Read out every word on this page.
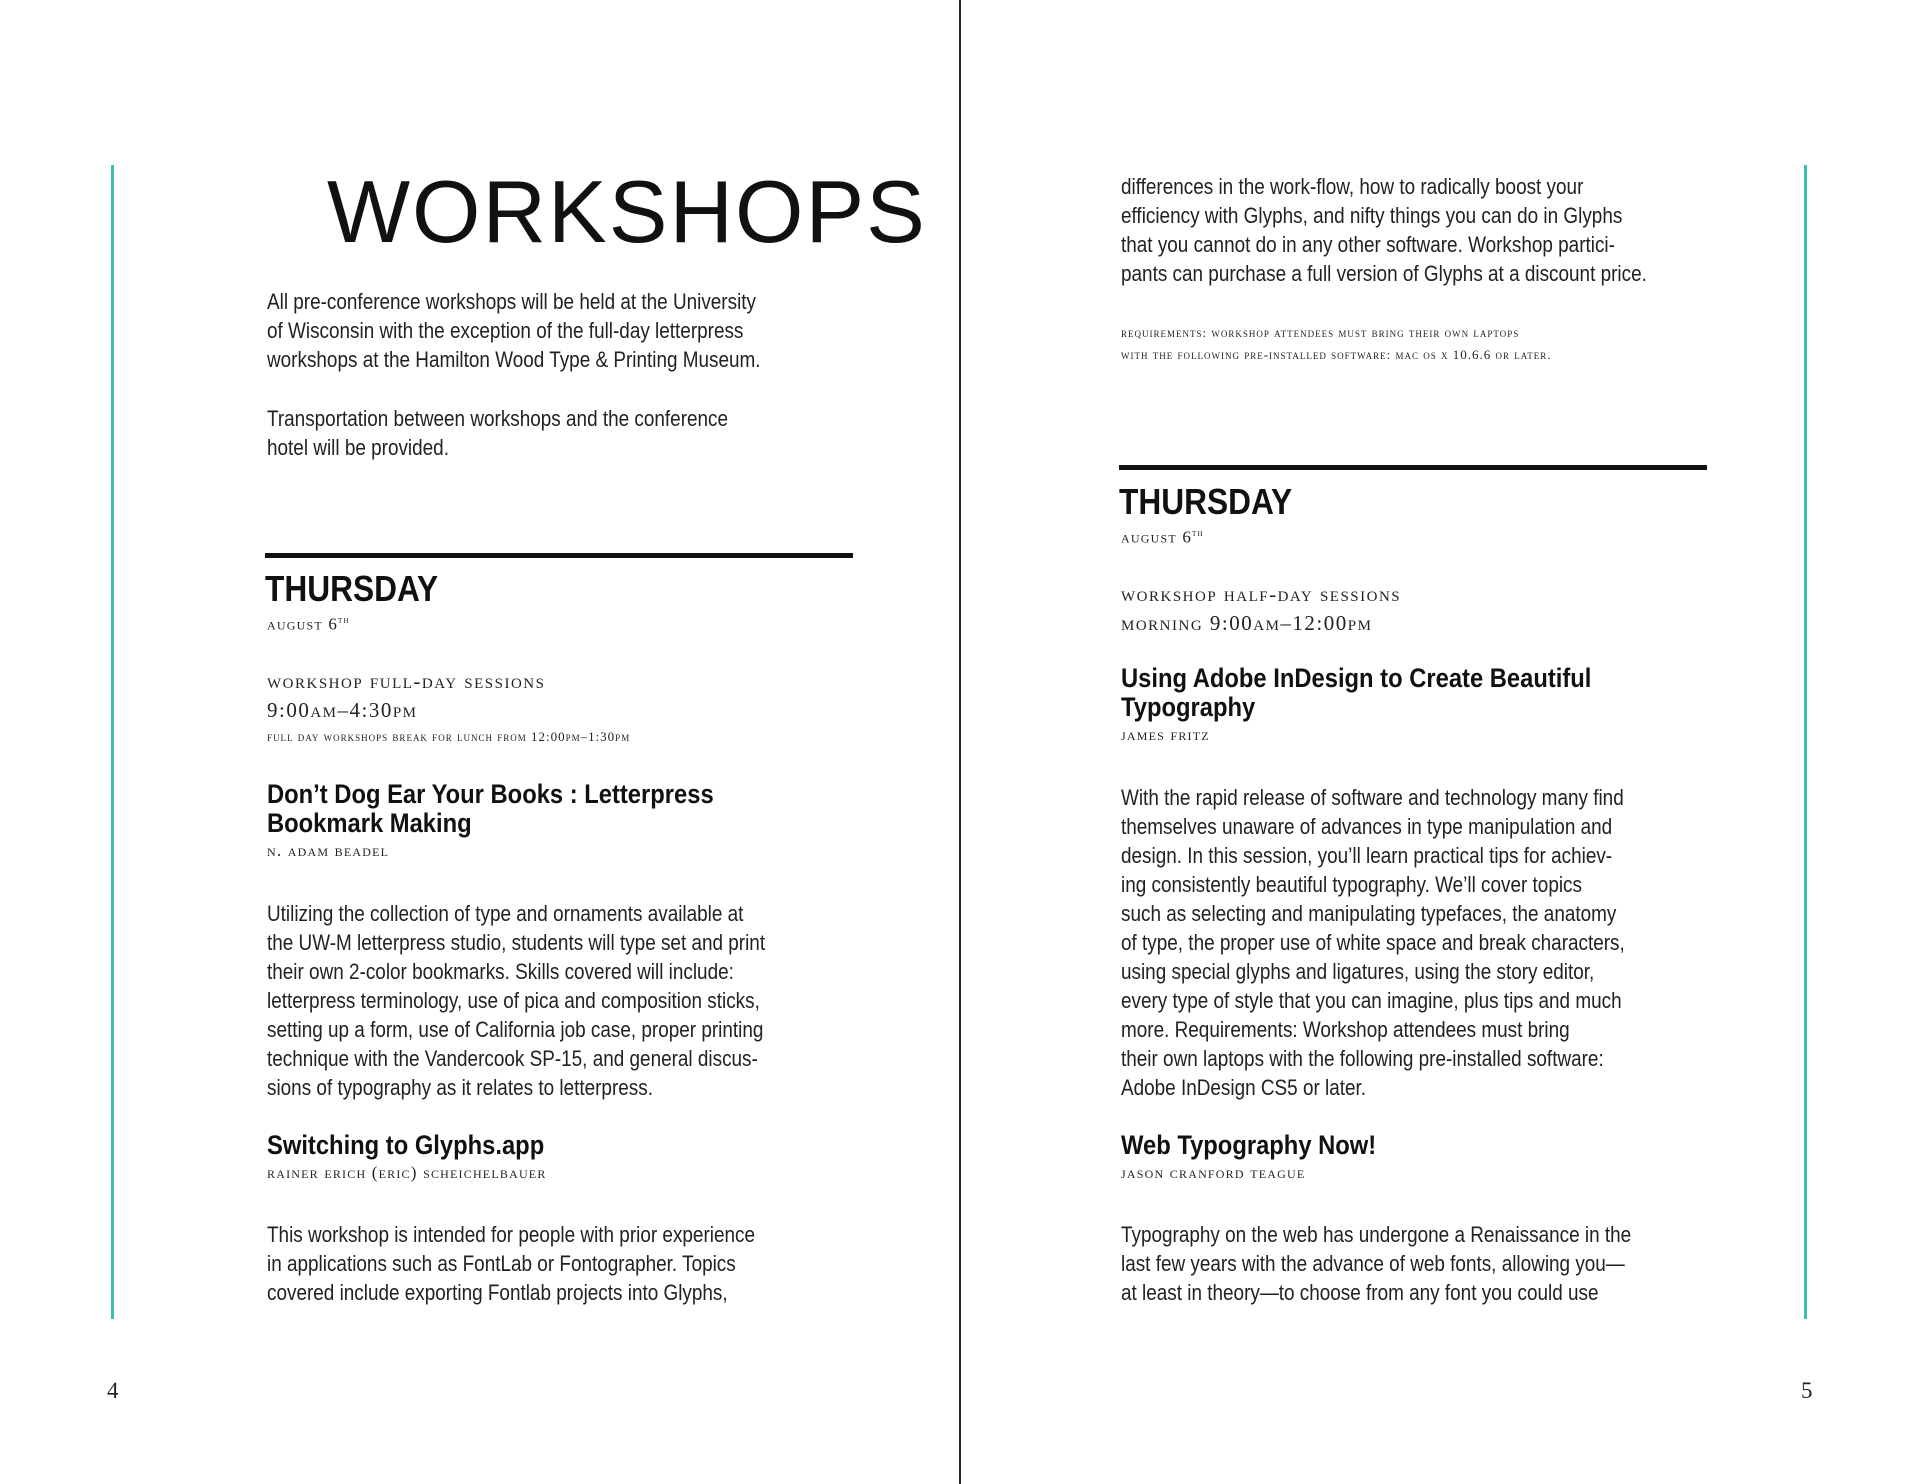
4
WORKSHOPS
All pre-conference workshops will be held at the University
of Wisconsin with the exception of the full-day letterpress
workshops at the Hamilton Wood Type & Printing Museum.
Transportation between workshops and the conference
hotel will be provided.
THURSDAY

august 6th

workshop full-day sessions

9:00am–4:30pm

full day workshops break for lunch from 12:00pm–1:30pm

Don’t Dog Ear Your Books : Letterpress

Bookmark Making

n. adam beadel

Utilizing the collection of type and ornaments available at
the UW-M letterpress studio, students will type set and print
their own 2-color bookmarks. Skills covered will include:
letterpress terminology, use of pica and composition sticks,
setting up a form, use of California job case, proper printing
technique with the Vandercook SP-15, and general discus-
sions of typography as it relates to letterpress.

Switching to Glyphs.app

rainer erich (eric) scheichelbauer

This workshop is intended for people with prior experience
in applications such as FontLab or Fontographer. Topics
covered include exporting Fontlab projects into Glyphs,
5
differences in the work-flow, how to radically boost your
efficiency with Glyphs, and nifty things you can do in Glyphs
that you cannot do in any other software. Workshop partici-
pants can purchase a full version of Glyphs at a discount price.

requirements: workshop attendees must bring their own laptops

with the following pre-installed software: mac os x 10.6.6 or later.

THURSDAY

august 6th

workshop half-day sessions

morning 9:00am–12:00pm

Using Adobe InDesign to Create Beautiful

Typography

james fritz

With the rapid release of software and technology many find
themselves unaware of advances in type manipulation and
design. In this session, you’ll learn practical tips for achiev-
ing consistently beautiful typography. We’ll cover topics
such as selecting and manipulating typefaces, the anatomy
of type, the proper use of white space and break characters,
using special glyphs and ligatures, using the story editor,
every type of style that you can imagine, plus tips and much
more. Requirements: Workshop attendees must bring
their own laptops with the following pre-installed software:
Adobe InDesign CS5 or later.

Web Typography Now!

jason cranford teague

Typography on the web has undergone a Renaissance in the
last few years with the advance of web fonts, allowing you—
at least in theory—to choose from any font you could use
